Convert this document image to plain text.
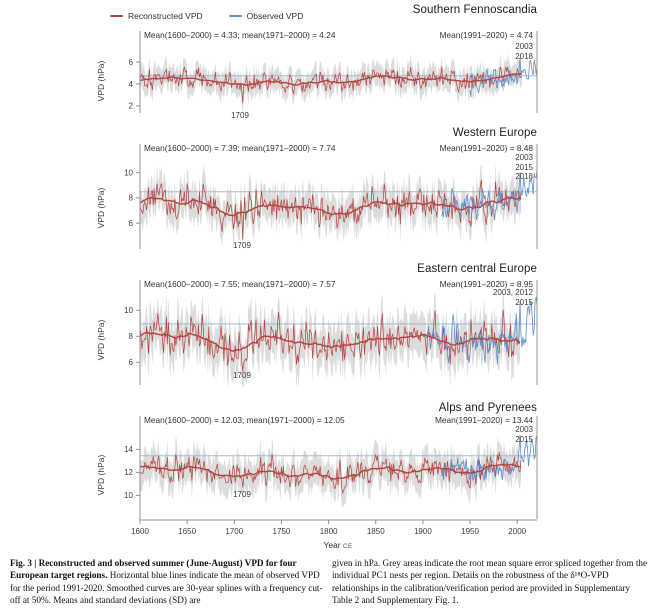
2
4
6
VPD (hPa)
6
8
10
VPD (hPa)
6
8
10
VPD (hPa)
10
12
14
VPD (hPa)
1600	1650	1700	1750	1800	1850	1900	1950	2000
Reconstructed VPD	Observed VPD	Southern Fennoscandia
Mean(1600–2000) = 4.33; mean(1971–2000) = 4.24	Mean(1991–2020) = 4.74
2003
2018
1709
Western Europe
Mean(1600–2000) = 7.39; mean(1971–2000) = 7.74	Mean(1991–2020) = 8.48
2003
2015
2018
1709
Eastern central Europe
Mean(1600–2000) = 7.55; mean(1971–2000) = 7.57	Mean(1991–2020) = 8.95
2003, 2012
2015
1709
Alps and Pyrenees
Mean(1600–2000) = 12.03; mean(1971–2000) = 12.05	Mean(1991–2020) = 13.44
2003
2015
1709
Year CE
Fig. 3 | Reconstructed and observed summer (June-August) VPD for four European target regions. Horizontal blue lines indicate the mean of observed VPD for the period 1991-2020. Smoothed curves are 30-year splines with a frequency cut-off at 50%. Means and standard deviations (SD) are
given in hPa. Grey areas indicate the root mean square error spliced together from the individual PC1 nests per region. Details on the robustness of the δ¹⁸O-VPD relationships in the calibration/verification period are provided in Supplementary Table 2 and Supplementary Fig. 1.
